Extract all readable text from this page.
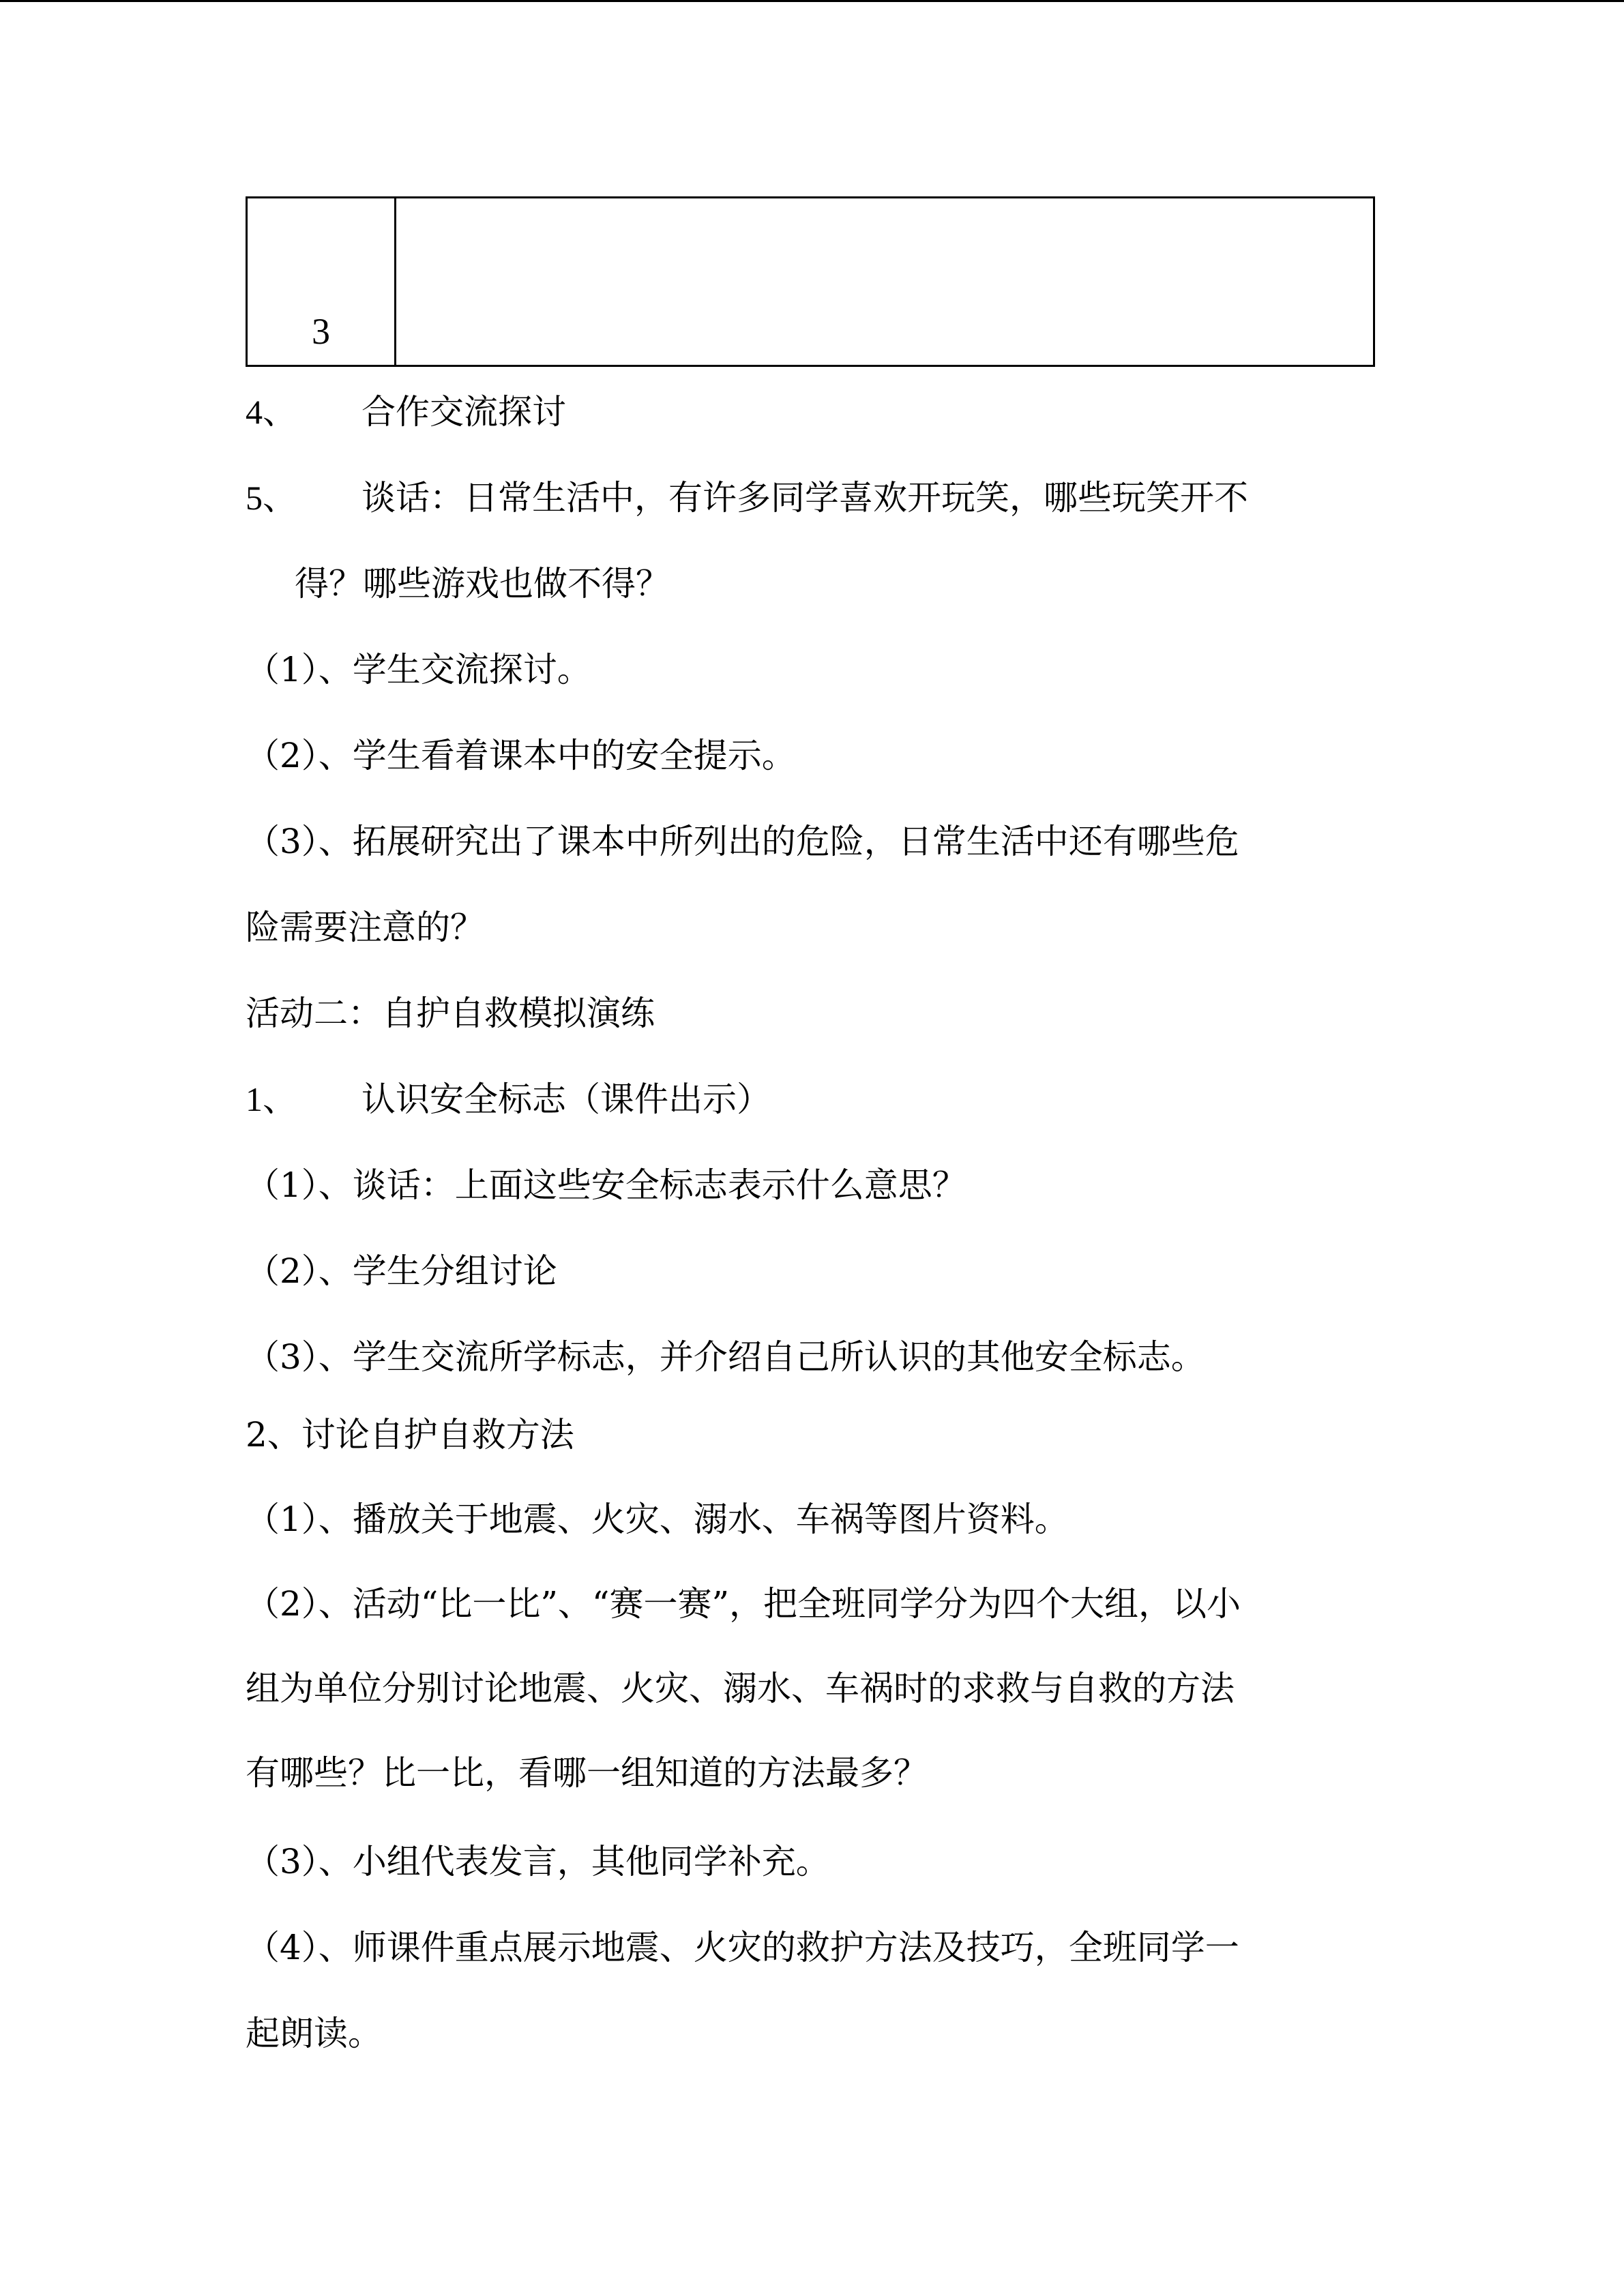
3
4、 合作交流探讨
5、 谈话：日常生活中，有许多同学喜欢开玩笑，哪些玩笑开不
得？哪些游戏也做不得？
（1）、学生交流探讨。
（2）、学生看着课本中的安全提示。
（3）、拓展研究出了课本中所列出的危险，日常生活中还有哪些危
险需要注意的？
活动二：自护自救模拟演练
1、 认识安全标志（课件出示）
（1）、谈话：上面这些安全标志表示什么意思？
（2）、学生分组讨论
（3）、学生交流所学标志，并介绍自己所认识的其他安全标志。
2、讨论自护自救方法
（1）、播放关于地震、火灾、溺水、车祸等图片资料。
（2）、活动“比一比”、“赛一赛”，把全班同学分为四个大组，以小
组为单位分别讨论地震、火灾、溺水、车祸时的求救与自救的方法
有哪些？比一比，看哪一组知道的方法最多？
（3）、小组代表发言，其他同学补充。
（4）、师课件重点展示地震、火灾的救护方法及技巧，全班同学一
起朗读。
